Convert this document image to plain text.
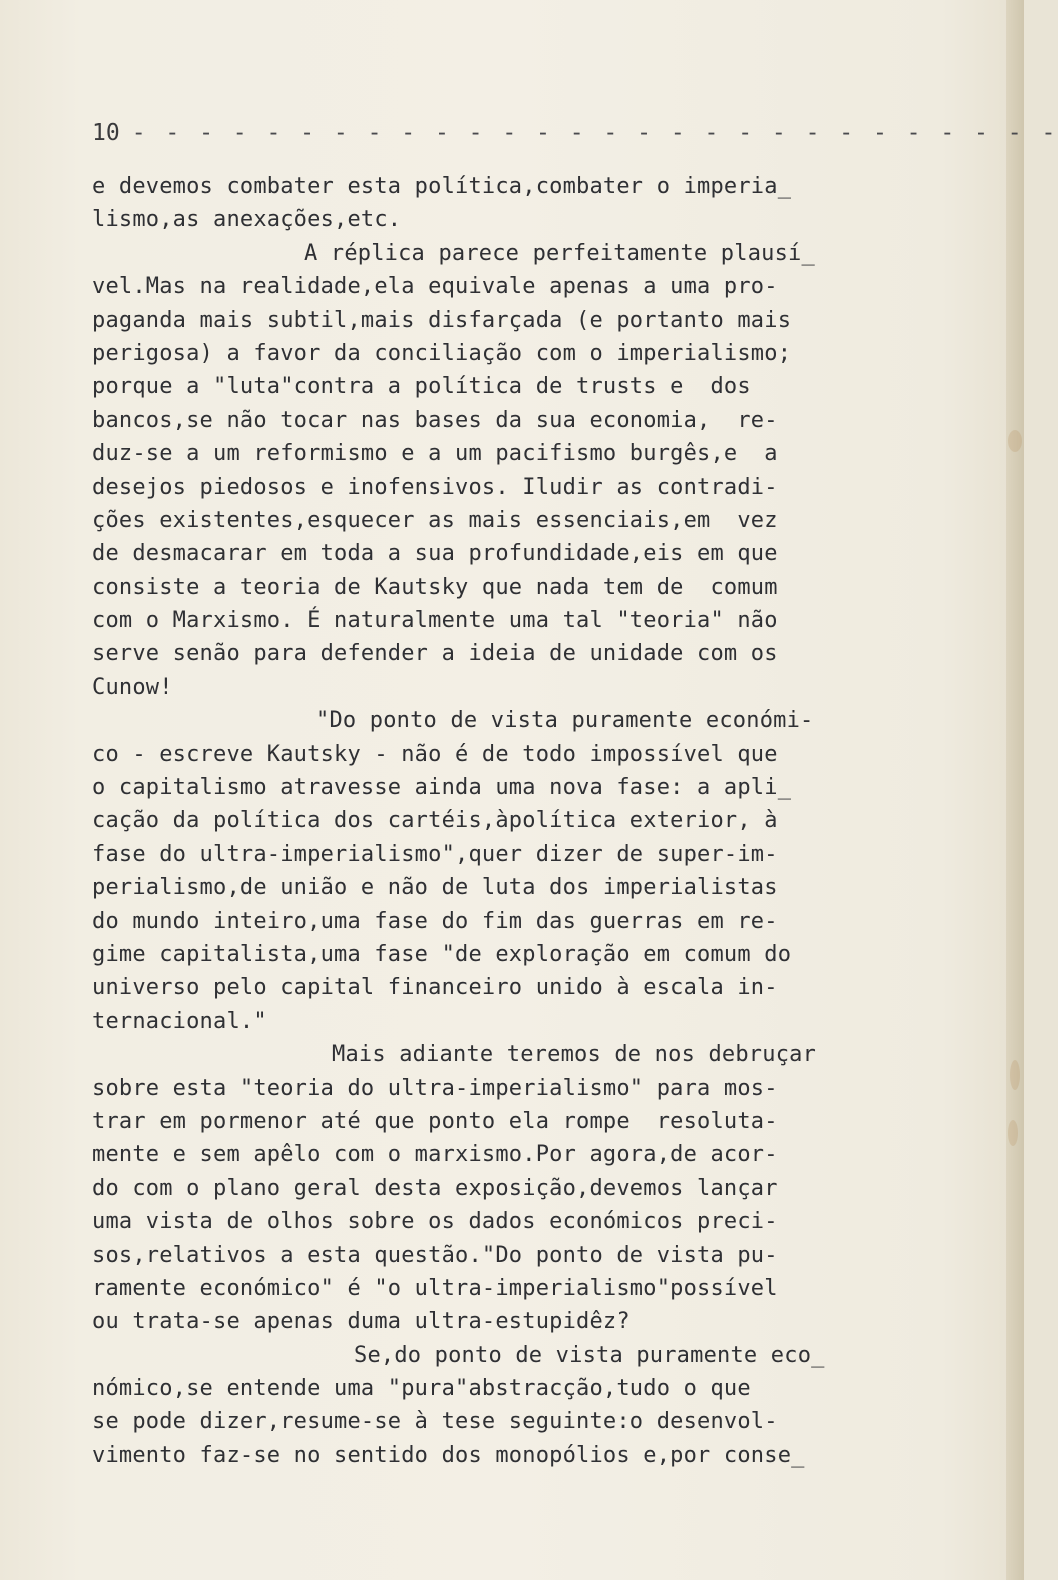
10 - - - - - - - - - - - - - - - - - - - - - - - - - - - -
e devemos combater esta política,combater o imperia_
lismo,as anexações,etc.
A réplica parece perfeitamente plausí_
vel.Mas na realidade,ela equivale apenas a uma pro-
paganda mais subtil,mais disfarçada (e portanto mais
perigosa) a favor da conciliação com o imperialismo;
porque a "luta"contra a política de trusts e  dos
bancos,se não tocar nas bases da sua economia,  re-
duz-se a um reformismo e a um pacifismo burgês,e  a
desejos piedosos e inofensivos. Iludir as contradi-
ções existentes,esquecer as mais essenciais,em  vez
de desmacarar em toda a sua profundidade,eis em que
consiste a teoria de Kautsky que nada tem de  comum
com o Marxismo. É naturalmente uma tal "teoria" não
serve senão para defender a ideia de unidade com os
Cunow!
"Do ponto de vista puramente económi-
co - escreve Kautsky - não é de todo impossível que
o capitalismo atravesse ainda uma nova fase: a apli_
cação da política dos cartéis,àpolítica exterior, à
fase do ultra-imperialismo",quer dizer de super-im-
perialismo,de união e não de luta dos imperialistas
do mundo inteiro,uma fase do fim das guerras em re-
gime capitalista,uma fase "de exploração em comum do
universo pelo capital financeiro unido à escala in-
ternacional."
Mais adiante teremos de nos debruçar
sobre esta "teoria do ultra-imperialismo" para mos-
trar em pormenor até que ponto ela rompe  resoluta-
mente e sem apêlo com o marxismo.Por agora,de acor-
do com o plano geral desta exposição,devemos lançar
uma vista de olhos sobre os dados económicos preci-
sos,relativos a esta questão."Do ponto de vista pu-
ramente económico" é "o ultra-imperialismo"possível
ou trata-se apenas duma ultra-estupidêz?
Se,do ponto de vista puramente eco_
nómico,se entende uma "pura"abstracção,tudo o que
se pode dizer,resume-se à tese seguinte:o desenvol-
vimento faz-se no sentido dos monopólios e,por conse_
